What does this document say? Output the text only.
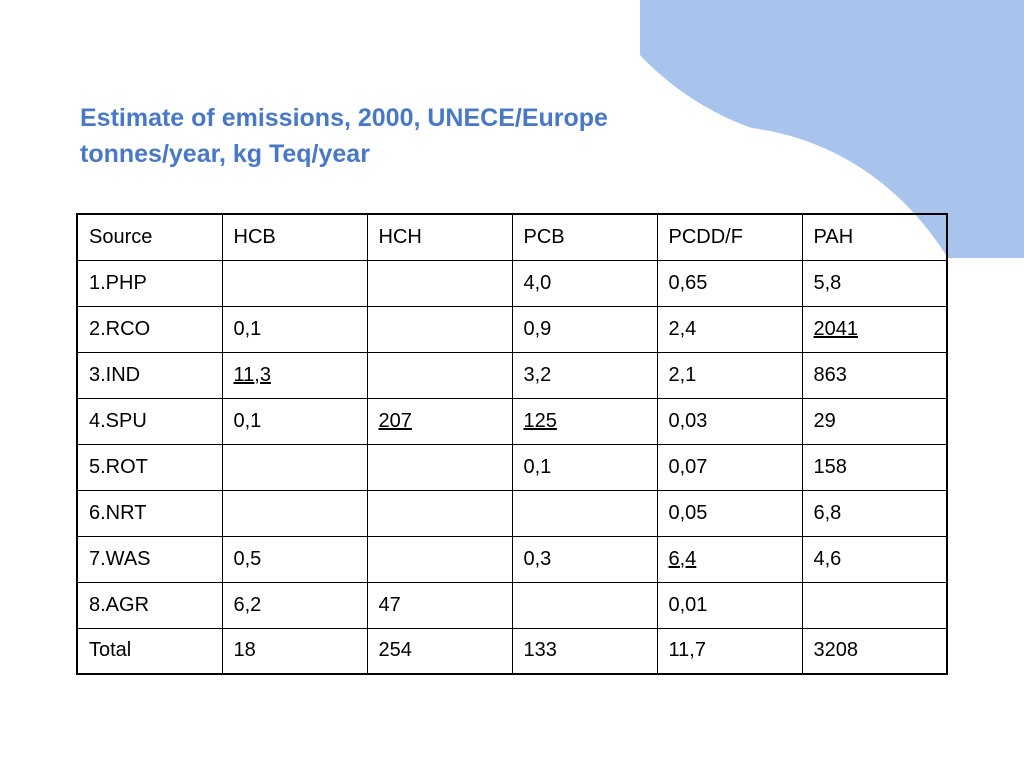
Estimate of emissions, 2000, UNECE/Europe
tonnes/year, kg Teq/year
Source	HCB	HCH	PCB	PCDD/F	PAH
1.PHP			4,0	0,65	5,8
2.RCO	0,1		0,9	2,4	2041
3.IND	11,3		3,2	2,1	863
4.SPU	0,1	207	125	0,03	29
5.ROT			0,1	0,07	158
6.NRT				0,05	6,8
7.WAS	0,5		0,3	6,4	4,6
8.AGR	6,2	47		0,01	
Total	18	254	133	11,7	3208
